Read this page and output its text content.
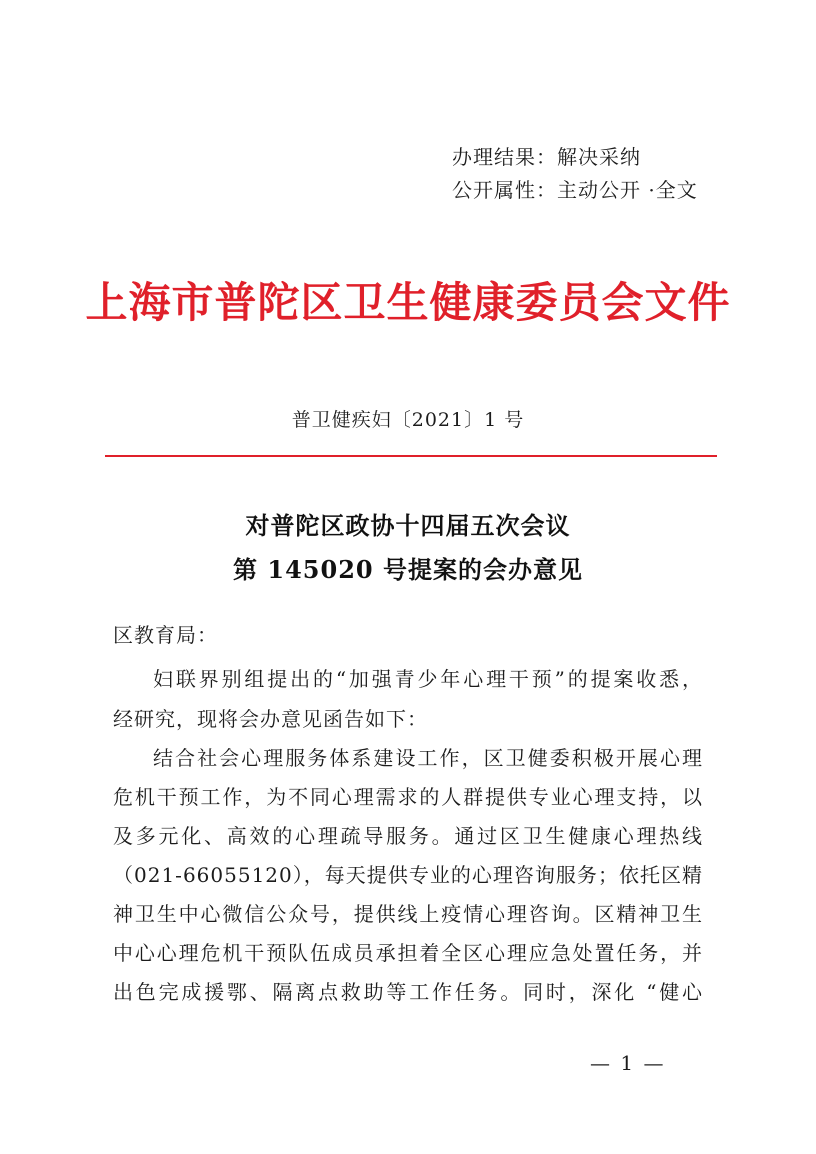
办理结果：解决采纳
公开属性：主动公开 ·全文
上海市普陀区卫生健康委员会文件
普卫健疾妇〔2021〕1 号
对普陀区政协十四届五次会议
第 145020 号提案的会办意见
区教育局：
妇联界别组提出的“加强青少年心理干预”的提案收悉，
经研究，现将会办意见函告如下：
结合社会心理服务体系建设工作，区卫健委积极开展心理
危机干预工作，为不同心理需求的人群提供专业心理支持，以
及多元化、高效的心理疏导服务。通过区卫生健康心理热线
（021-66055120），每天提供专业的心理咨询服务；依托区精
神卫生中心微信公众号，提供线上疫情心理咨询。区精神卫生
中心心理危机干预队伍成员承担着全区心理应急处置任务，并
出色完成援鄂、隔离点救助等工作任务。同时，深化 “健心
— 1 —
